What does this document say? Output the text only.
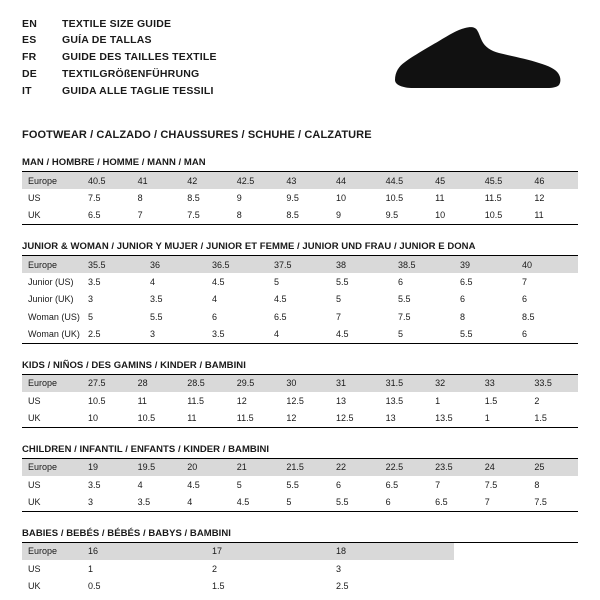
EN	TEXTILE SIZE GUIDE
ES	GUÍA DE TALLAS
FR	GUIDE DES TAILLES TEXTILE
DE	TEXTILGRÖßENFÜHRUNG
IT	GUIDA ALLE TAGLIE TESSILI
FOOTWEAR / CALZADO / CHAUSSURES / SCHUHE / CALZATURE
MAN / HOMBRE / HOMME / MANN / MAN
Europe	40.5	41	42	42.5	43	44	44.5	45	45.5	46
US	7.5	8	8.5	9	9.5	10	10.5	11	11.5	12
UK	6.5	7	7.5	8	8.5	9	9.5	10	10.5	11
JUNIOR & WOMAN / JUNIOR Y MUJER / JUNIOR ET FEMME / JUNIOR UND FRAU / JUNIOR E DONA
Europe	35.5	36	36.5	37.5	38	38.5	39	40
Junior (US)	3.5	4	4.5	5	5.5	6	6.5	7
Junior (UK)	3	3.5	4	4.5	5	5.5	6	6
Woman (US)	5	5.5	6	6.5	7	7.5	8	8.5
Woman (UK)	2.5	3	3.5	4	4.5	5	5.5	6
KIDS / NIÑOS / DES GAMINS / KINDER / BAMBINI
Europe	27.5	28	28.5	29.5	30	31	31.5	32	33	33.5
US	10.5	11	11.5	12	12.5	13	13.5	1	1.5	2
UK	10	10.5	11	11.5	12	12.5	13	13.5	1	1.5
CHILDREN / INFANTIL / ENFANTS / KINDER / BAMBINI
Europe	19	19.5	20	21	21.5	22	22.5	23.5	24	25
US	3.5	4	4.5	5	5.5	6	6.5	7	7.5	8
UK	3	3.5	4	4.5	5	5.5	6	6.5	7	7.5
BABIES / BEBÉS / BÉBÉS / BABYS / BAMBINI
Europe	16	17	18	
US	1	2	3	
UK	0.5	1.5	2.5	
